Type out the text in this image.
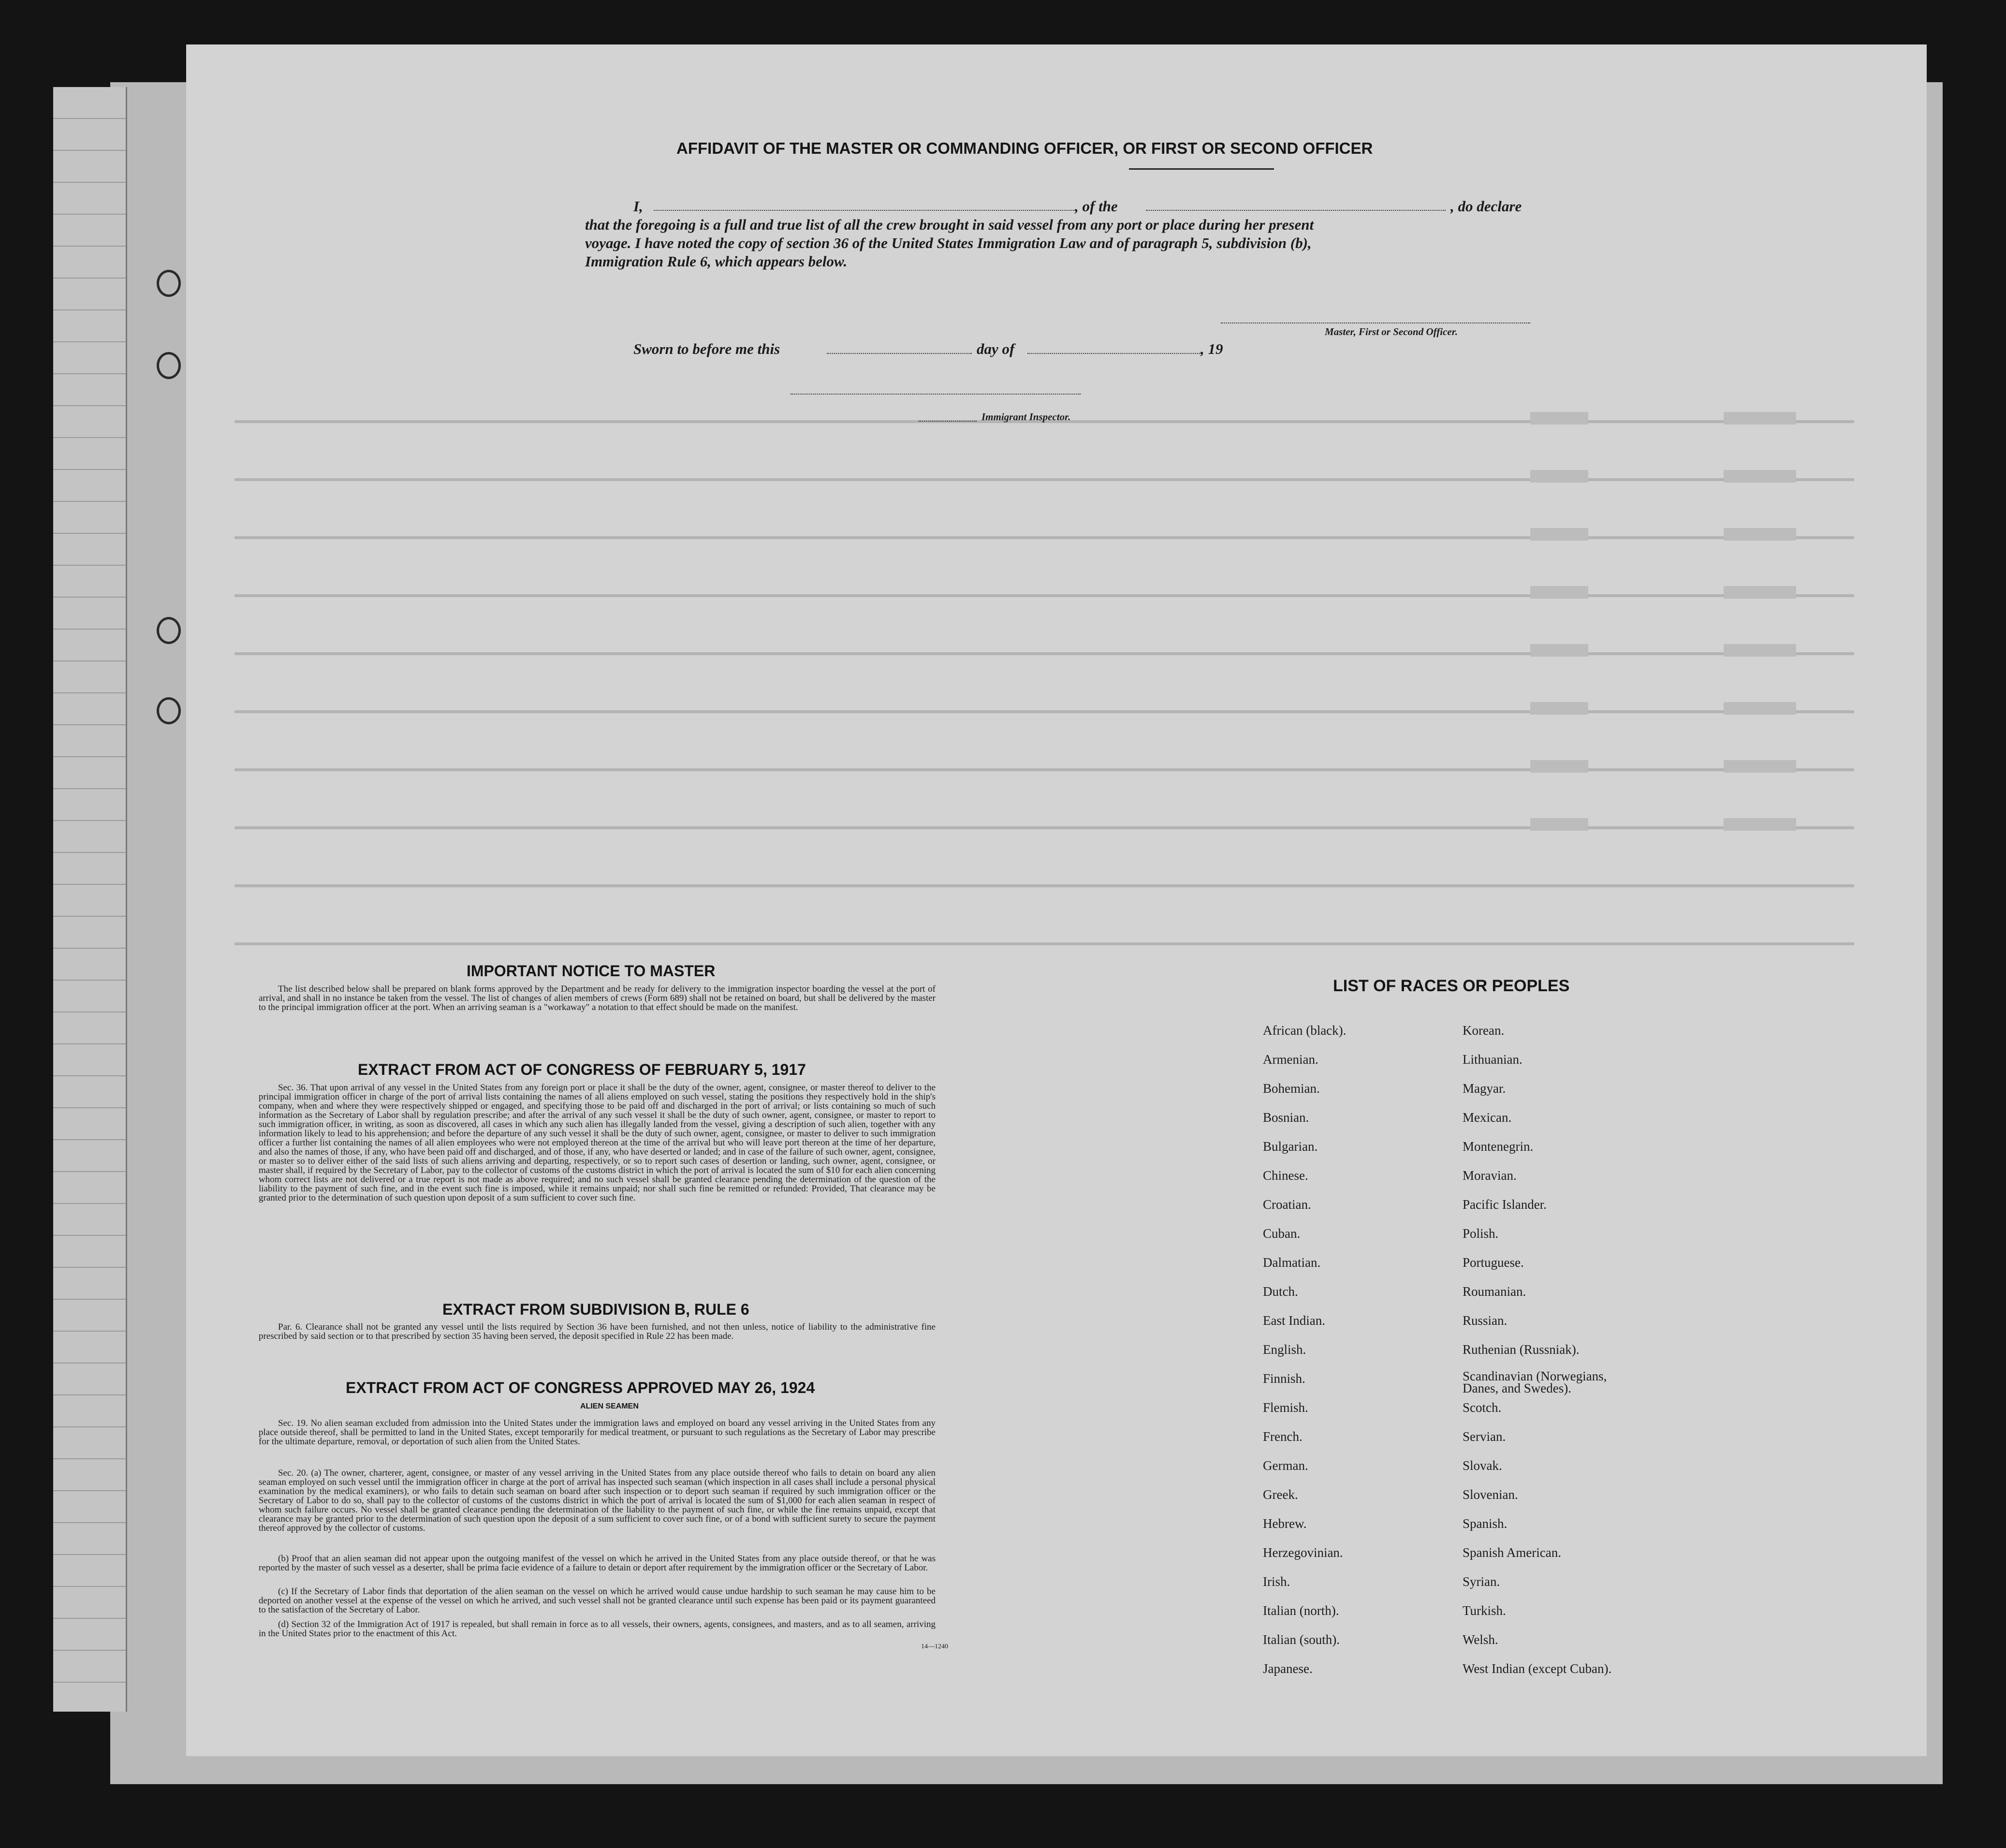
AFFIDAVIT OF THE MASTER OR COMMANDING OFFICER, OR FIRST OR SECOND OFFICER
I,	, of the	, do declare
that the foregoing is a full and true list of all the crew brought in said vessel from any port or place during her present
voyage. I have noted the copy of section 36 of the United States Immigration Law and of paragraph 5, subdivision (b),
Immigration Rule 6, which appears below.
Master, First or Second Officer.
Sworn to before me this	day of	, 19
Immigrant Inspector.
IMPORTANT NOTICE TO MASTER

The list described below shall be prepared on blank forms approved by the Department and be ready for delivery to the immigration inspector boarding the vessel at the port of arrival, and shall in no instance be taken from the vessel. The list of changes of alien members of crews (Form 689) shall not be retained on board, but shall be delivered by the master to the principal immigration officer at the port. When an arriving seaman is a "workaway" a notation to that effect should be made on the manifest.

EXTRACT FROM ACT OF CONGRESS OF FEBRUARY 5, 1917

Sec. 36. That upon arrival of any vessel in the United States from any foreign port or place it shall be the duty of the owner, agent, consignee, or master thereof to deliver to the principal immigration officer in charge of the port of arrival lists containing the names of all aliens employed on such vessel, stating the positions they respectively hold in the ship's company, when and where they were respectively shipped or engaged, and specifying those to be paid off and discharged in the port of arrival; or lists containing so much of such information as the Secretary of Labor shall by regulation prescribe; and after the arrival of any such vessel it shall be the duty of such owner, agent, consignee, or master to report to such immigration officer, in writing, as soon as discovered, all cases in which any such alien has illegally landed from the vessel, giving a description of such alien, together with any information likely to lead to his apprehension; and before the departure of any such vessel it shall be the duty of such owner, agent, consignee, or master to deliver to such immigration officer a further list containing the names of all alien employees who were not employed thereon at the time of the arrival but who will leave port thereon at the time of her departure, and also the names of those, if any, who have been paid off and discharged, and of those, if any, who have deserted or landed; and in case of the failure of such owner, agent, consignee, or master so to deliver either of the said lists of such aliens arriving and departing, respectively, or so to report such cases of desertion or landing, such owner, agent, consignee, or master shall, if required by the Secretary of Labor, pay to the collector of customs of the customs district in which the port of arrival is located the sum of $10 for each alien concerning whom correct lists are not delivered or a true report is not made as above required; and no such vessel shall be granted clearance pending the determination of the question of the liability to the payment of such fine, and in the event such fine is imposed, while it remains unpaid; nor shall such fine be remitted or refunded: Provided, That clearance may be granted prior to the determination of such question upon deposit of a sum sufficient to cover such fine.

EXTRACT FROM SUBDIVISION B, RULE 6

Par. 6. Clearance shall not be granted any vessel until the lists required by Section 36 have been furnished, and not then unless, notice of liability to the administrative fine prescribed by said section or to that prescribed by section 35 having been served, the deposit specified in Rule 22 has been made.

EXTRACT FROM ACT OF CONGRESS APPROVED MAY 26, 1924
ALIEN SEAMEN

Sec. 19. No alien seaman excluded from admission into the United States under the immigration laws and employed on board any vessel arriving in the United States from any place outside thereof, shall be permitted to land in the United States, except temporarily for medical treatment, or pursuant to such regulations as the Secretary of Labor may prescribe for the ultimate departure, removal, or deportation of such alien from the United States.

Sec. 20. (a) The owner, charterer, agent, consignee, or master of any vessel arriving in the United States from any place outside thereof who fails to detain on board any alien seaman employed on such vessel until the immigration officer in charge at the port of arrival has inspected such seaman (which inspection in all cases shall include a personal physical examination by the medical examiners), or who fails to detain such seaman on board after such inspection or to deport such seaman if required by such immigration officer or the Secretary of Labor to do so, shall pay to the collector of customs of the customs district in which the port of arrival is located the sum of $1,000 for each alien seaman in respect of whom such failure occurs. No vessel shall be granted clearance pending the determination of the liability to the payment of such fine, or while the fine remains unpaid, except that clearance may be granted prior to the determination of such question upon the deposit of a sum sufficient to cover such fine, or of a bond with sufficient surety to secure the payment thereof approved by the collector of customs.

(b) Proof that an alien seaman did not appear upon the outgoing manifest of the vessel on which he arrived in the United States from any place outside thereof, or that he was reported by the master of such vessel as a deserter, shall be prima facie evidence of a failure to detain or deport after requirement by the immigration officer or the Secretary of Labor.

(c) If the Secretary of Labor finds that deportation of the alien seaman on the vessel on which he arrived would cause undue hardship to such seaman he may cause him to be deported on another vessel at the expense of the vessel on which he arrived, and such vessel shall not be granted clearance until such expense has been paid or its payment guaranteed to the satisfaction of the Secretary of Labor.

(d) Section 32 of the Immigration Act of 1917 is repealed, but shall remain in force as to all vessels, their owners, agents, consignees, and masters, and as to all seamen, arriving in the United States prior to the enactment of this Act.

14—1240
LIST OF RACES OR PEOPLES
African (black).
Armenian.
Bohemian.
Bosnian.
Bulgarian.
Chinese.
Croatian.
Cuban.
Dalmatian.
Dutch.
East Indian.
English.
Finnish.
Flemish.
French.
German.
Greek.
Hebrew.
Herzegovinian.
Irish.
Italian (north).
Italian (south).
Japanese.
Korean.
Lithuanian.
Magyar.
Mexican.
Montenegrin.
Moravian.
Pacific Islander.
Polish.
Portuguese.
Roumanian.
Russian.
Ruthenian (Russniak).
Scandinavian (Norwegians, Danes, and Swedes).
Scotch.
Servian.
Slovak.
Slovenian.
Spanish.
Spanish American.
Syrian.
Turkish.
Welsh.
West Indian (except Cuban).
